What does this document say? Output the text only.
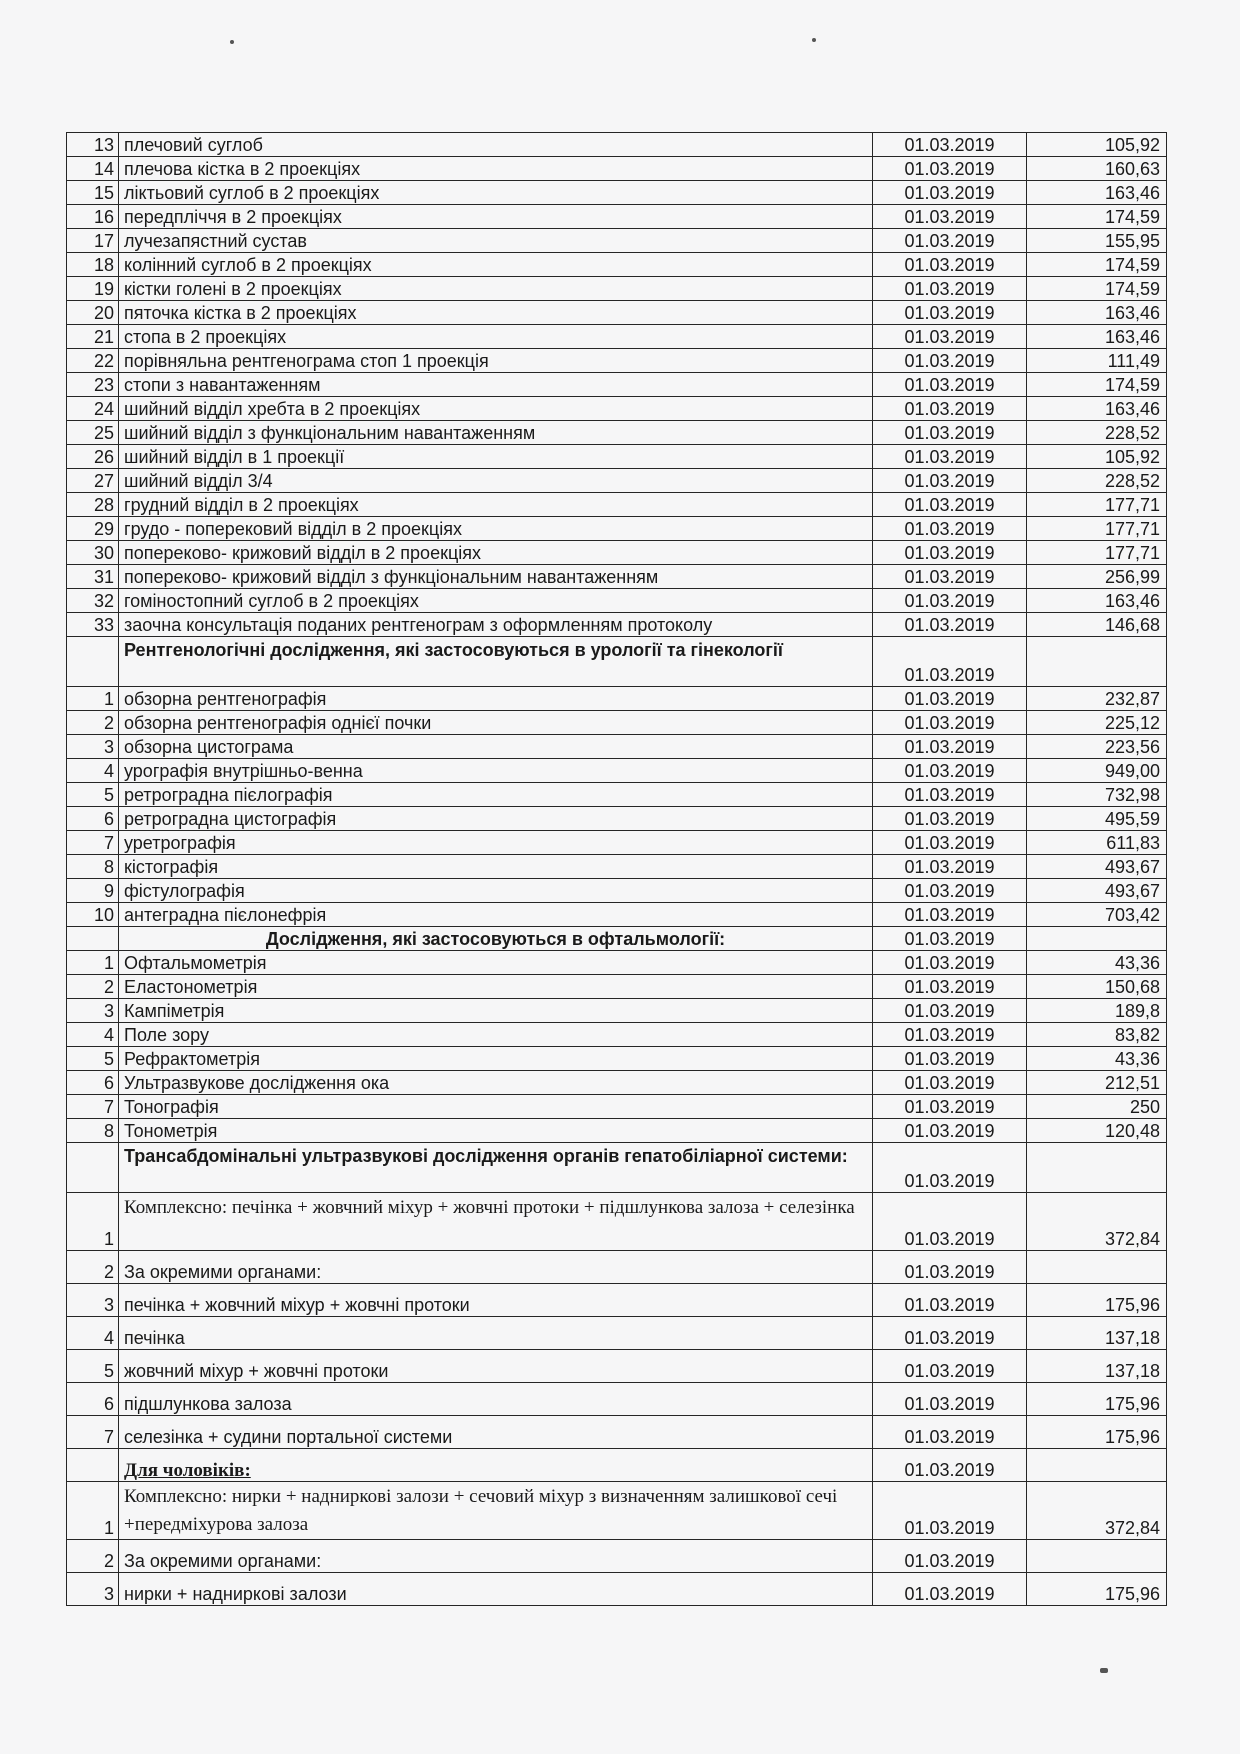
13	плечовий суглоб	01.03.2019	105,92
14	плечова кістка в 2 проекціях	01.03.2019	160,63
15	ліктьовий суглоб в 2 проекціях	01.03.2019	163,46
16	передпліччя в 2 проекціях	01.03.2019	174,59
17	лучезапястний сустав	01.03.2019	155,95
18	колінний суглоб в 2 проекціях	01.03.2019	174,59
19	кістки голені в 2 проекціях	01.03.2019	174,59
20	пяточка кістка в 2 проекціях	01.03.2019	163,46
21	стопа в 2 проекціях	01.03.2019	163,46
22	порівняльна рентгенограма стоп 1 проекція	01.03.2019	111,49
23	стопи з навантаженням	01.03.2019	174,59
24	шийний відділ хребта в 2 проекціях	01.03.2019	163,46
25	шийний відділ з функціональним навантаженням	01.03.2019	228,52
26	шийний відділ в 1 проекції	01.03.2019	105,92
27	шийний відділ 3/4	01.03.2019	228,52
28	грудний відділ в 2 проекціях	01.03.2019	177,71
29	грудо - поперековий відділ в 2 проекціях	01.03.2019	177,71
30	попереково- крижовий відділ в 2 проекціях	01.03.2019	177,71
31	попереково- крижовий відділ з функціональним навантаженням	01.03.2019	256,99
32	гоміностопний суглоб в 2 проекціях	01.03.2019	163,46
33	заочна консультація поданих рентгенограм з оформленням протоколу	01.03.2019	146,68
	Рентгенологічні дослідження, які застосовуються в урології та гінекології	01.03.2019	
1	обзорна рентгенографія	01.03.2019	232,87
2	обзорна рентгенографія однієї почки	01.03.2019	225,12
3	обзорна цистограма	01.03.2019	223,56
4	урографія внутрішньо-венна	01.03.2019	949,00
5	ретроградна пієлографія	01.03.2019	732,98
6	ретроградна цистографія	01.03.2019	495,59
7	уретрографія	01.03.2019	611,83
8	кістографія	01.03.2019	493,67
9	фістулографія	01.03.2019	493,67
10	антеградна пієлонефрія	01.03.2019	703,42
	Дослідження, які застосовуються в офтальмології:	01.03.2019	
1	Офтальмометрія	01.03.2019	43,36
2	Еластонометрія	01.03.2019	150,68
3	Кампіметрія	01.03.2019	189,8
4	Поле зору	01.03.2019	83,82
5	Рефрактометрія	01.03.2019	43,36
6	Ультразвукове дослідження ока	01.03.2019	212,51
7	Тонографія	01.03.2019	250
8	Тонометрія	01.03.2019	120,48
	Трансабдомінальні ультразвукові дослідження органів гепатобіліарної системи:	01.03.2019	
1	Комплексно: печінка + жовчний міхур + жовчні протоки + підшлункова залоза + селезінка	01.03.2019	372,84
2	За окремими органами:	01.03.2019	
3	печінка + жовчний міхур + жовчні протоки	01.03.2019	175,96
4	печінка	01.03.2019	137,18
5	жовчний міхур + жовчні протоки	01.03.2019	137,18
6	підшлункова залоза	01.03.2019	175,96
7	селезінка + судини портальної системи	01.03.2019	175,96
	Для чоловіків:	01.03.2019	
1	Комплексно: нирки + надниркові залози + сечовий міхур з визначенням залишкової сечі +передміхурова залоза	01.03.2019	372,84
2	За окремими органами:	01.03.2019	
3	нирки + надниркові залози	01.03.2019	175,96
